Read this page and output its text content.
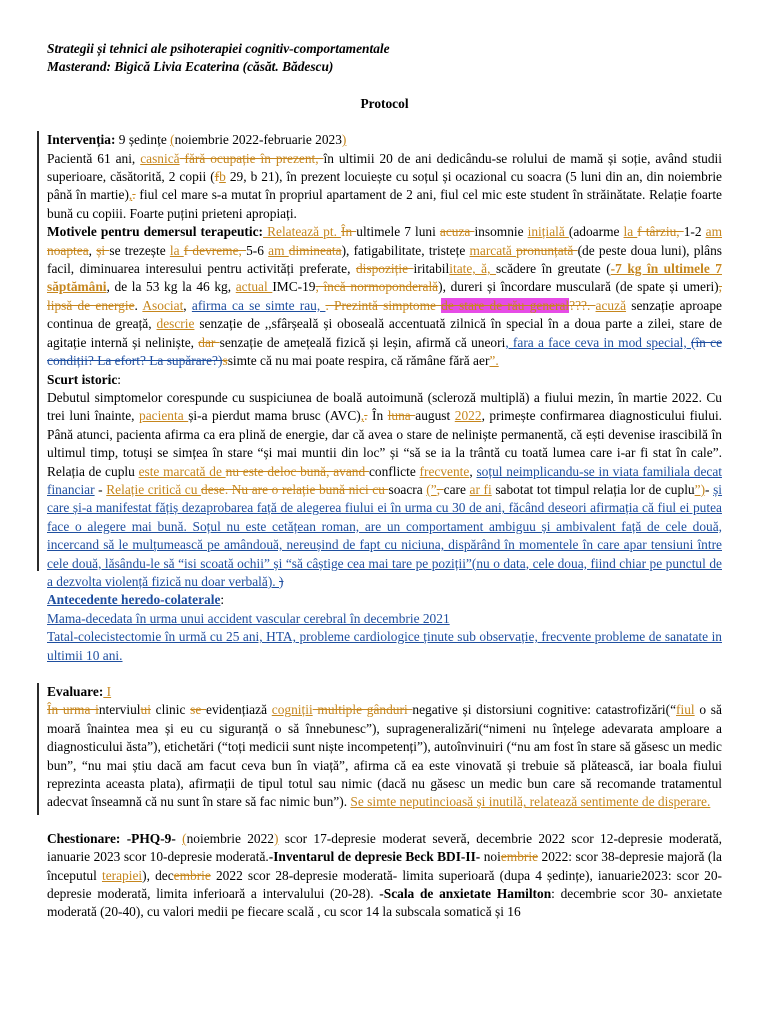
Strategii și tehnici ale psihoterapiei cognitiv-comportamentale
Masterand: Bigică Livia Ecaterina (căsăt. Bădescu)
Protocol

Intervenția: 9 ședințe (noiembrie 2022-februarie 2023)

Pacientă 61 ani, casnică fără ocupație în prezent, în ultimii 20 de ani dedicându-se rolului de mamă și soție, având studii superioare, căsătorită, 2 copii (fb 29, b 21), în prezent locuiește cu soțul și ocazional cu soacra (5 luni din an, din noiembrie până în martie),. fiul cel mare s-a mutat în propriul apartament de 2 ani, fiul cel mic este student în străinătate. Relație foarte bună cu copiii. Foarte puțini prieteni apropiați.

Motivele pentru demersul terapeutic: Relatează pt. În ultimele 7 luni acuza insomnie inițială (adoarme la f târziu, 1-2 am noaptea, și se trezește la f devreme, 5-6 am dimineata), fatigabilitate, tristețe marcată pronunțată (de peste doua luni), plâns facil, diminuarea interesului pentru activități preferate, dispoziție iritabilitate, ă, scădere în greutate (-7 kg în ultimele 7 săptămâni, de la 53 kg la 46 kg, actual IMC-19, încă normoponderală), dureri și încordare musculară (de spate și umeri), lipsă de energie. Asociat, afirma ca se simte rau, . Prezintă simptome de stare de rău general???. acuză senzație aproape continua de greață, descrie senzație de ,,sfârșeală și oboseală accentuată zilnică în special în a doua parte a zilei, stare de agitație internă și neliniște, dar senzație de amețeală fizică și leșin, afirmă că uneori, fara a face ceva in mod special, (în ce condiții? La efort? La supărare?)ssimte că nu mai poate respira, că rămâne fără aer”.

Scurt istoric:

Debutul simptomelor corespunde cu suspiciunea de boală autoimună (scleroză multiplă) a fiului mezin, în martie 2022. Cu trei luni înainte, pacienta și-a pierdut mama brusc (AVC),. În luna august 2022, primește confirmarea diagnosticului fiului. Până atunci, pacienta afirma ca era plină de energie, dar că avea o stare de neliniște permanentă, că ești devenise irascibilă în ultimul timp, totuși se simțea în stare “și mai muntii din loc” și “să se ia la trântă cu toată lumea care i-ar fi stat în cale”. Relația de cuplu este marcată de nu este deloc bună, avand conflicte frecvente, soțul neimplicandu-se in viata familiala decat financiar - Relație critică cu dese. Nu are o relație bună nici cu soacra (”, care ar fi sabotat tot timpul relația lor de cuplu”)- și care și-a manifestat fățiș dezaprobarea față de alegerea fiului ei în urma cu 30 de ani, făcând deseori afirmația că fiul ei putea face o alegere mai bună. Soțul nu este cetățean roman, are un comportament ambiguu și ambivalent față de cele două, incercand să le mulțumească pe amândouă, nereușind de fapt cu niciuna, dispărând în momentele în care apar tensiuni între cele două, lăsându-le să “isi scoată ochii” și “să câștige cea mai tare pe poziții”(nu o data, cele doua, fiind chiar pe punctul de a dezvolta violență fizică nu doar verbală). )

Antecedente heredo-colaterale:

Mama-decedata în urma unui accident vascular cerebral în decembrie 2021

Tatal-colecistectomie în urmă cu 25 ani, HTA, probleme cardiologice ținute sub observație, frecvente probleme de sanatate in ultimii 10 ani.

Evaluare: I

În urma interviului clinic se evidențiază cogniții multiple gânduri negative și distorsiuni cognitive: catastrofizări(“fiul o să moară înaintea mea și eu cu siguranță o să înnebunesc”), suprageneralizări(“nimeni nu înțelege adevarata amploare a diagnosticului ăsta”), etichetări (“toți medicii sunt niște incompetenți”), autoînvinuiri (“nu am fost în stare să găsesc un medic bun”, “nu mai știu dacă am facut ceva bun în viață”, afirma că ea este vinovată și trebuie să plătească, iar boala fiului reprezinta aceasta plata), afirmații de tipul totul sau nimic (dacă nu găsesc un medic bun care să recomande tratamentul adecvat înseamnă că nu sunt în stare să fac nimic bun”). Se simte neputincioasă și inutilă, relatează sentimente de disperare.

Chestionare: -PHQ-9- (noiembrie 2022) scor 17-depresie moderat severă, decembrie 2022 scor 12-depresie moderată, ianuarie 2023 scor 10-depresie moderată.-Inventarul de depresie Beck BDI-II- noiembrie 2022: scor 38-depresie majoră (la începutul terapiei), decembrie 2022 scor 28-depresie moderată- limita superioară (dupa 4 ședințe), ianuarie2023: scor 20-depresie moderată, limita inferioară a intervalului (20-28). -Scala de anxietate Hamilton: decembrie scor 30- anxietate moderată (20-40), cu valori medii pe fiecare scală , cu scor 14 la subscala somatică și 16
